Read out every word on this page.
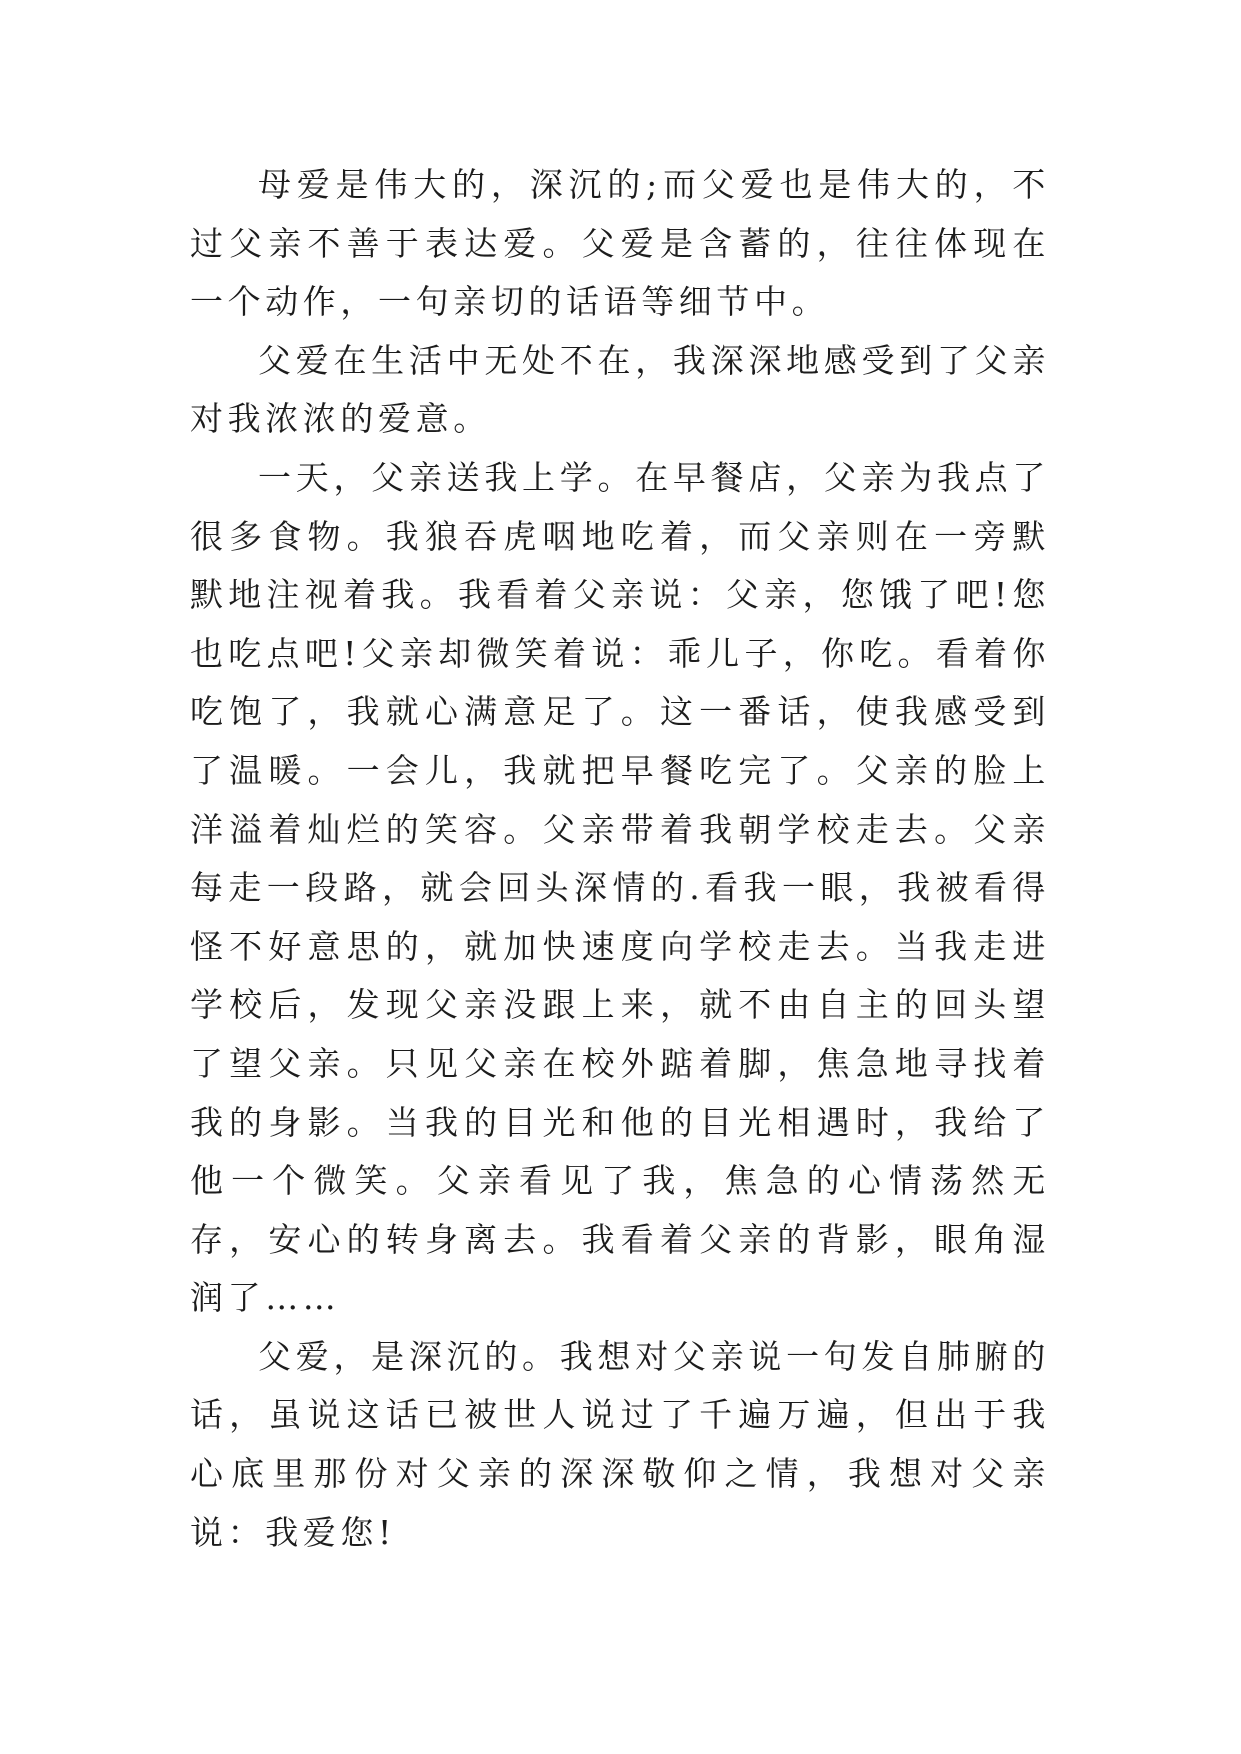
母爱是伟大的，深沉的;而父爱也是伟大的，不过父亲不善于表达爱。父爱是含蓄的，往往体现在一个动作，一句亲切的话语等细节中。

父爱在生活中无处不在，我深深地感受到了父亲对我浓浓的爱意。

一天，父亲送我上学。在早餐店，父亲为我点了很多食物。我狼吞虎咽地吃着，而父亲则在一旁默默地注视着我。我看着父亲说：父亲，您饿了吧!您也吃点吧!父亲却微笑着说：乖儿子，你吃。看着你吃饱了，我就心满意足了。这一番话，使我感受到了温暖。一会儿，我就把早餐吃完了。父亲的脸上洋溢着灿烂的笑容。父亲带着我朝学校走去。父亲每走一段路，就会回头深情的.看我一眼，我被看得怪不好意思的，就加快速度向学校走去。当我走进学校后，发现父亲没跟上来，就不由自主的回头望了望父亲。只见父亲在校外踮着脚，焦急地寻找着我的身影。当我的目光和他的目光相遇时，我给了他一个微笑。父亲看见了我，焦急的心情荡然无存，安心的转身离去。我看着父亲的背影，眼角湿润了……

父爱，是深沉的。我想对父亲说一句发自肺腑的话，虽说这话已被世人说过了千遍万遍，但出于我心底里那份对父亲的深深敬仰之情，我想对父亲说：我爱您!
